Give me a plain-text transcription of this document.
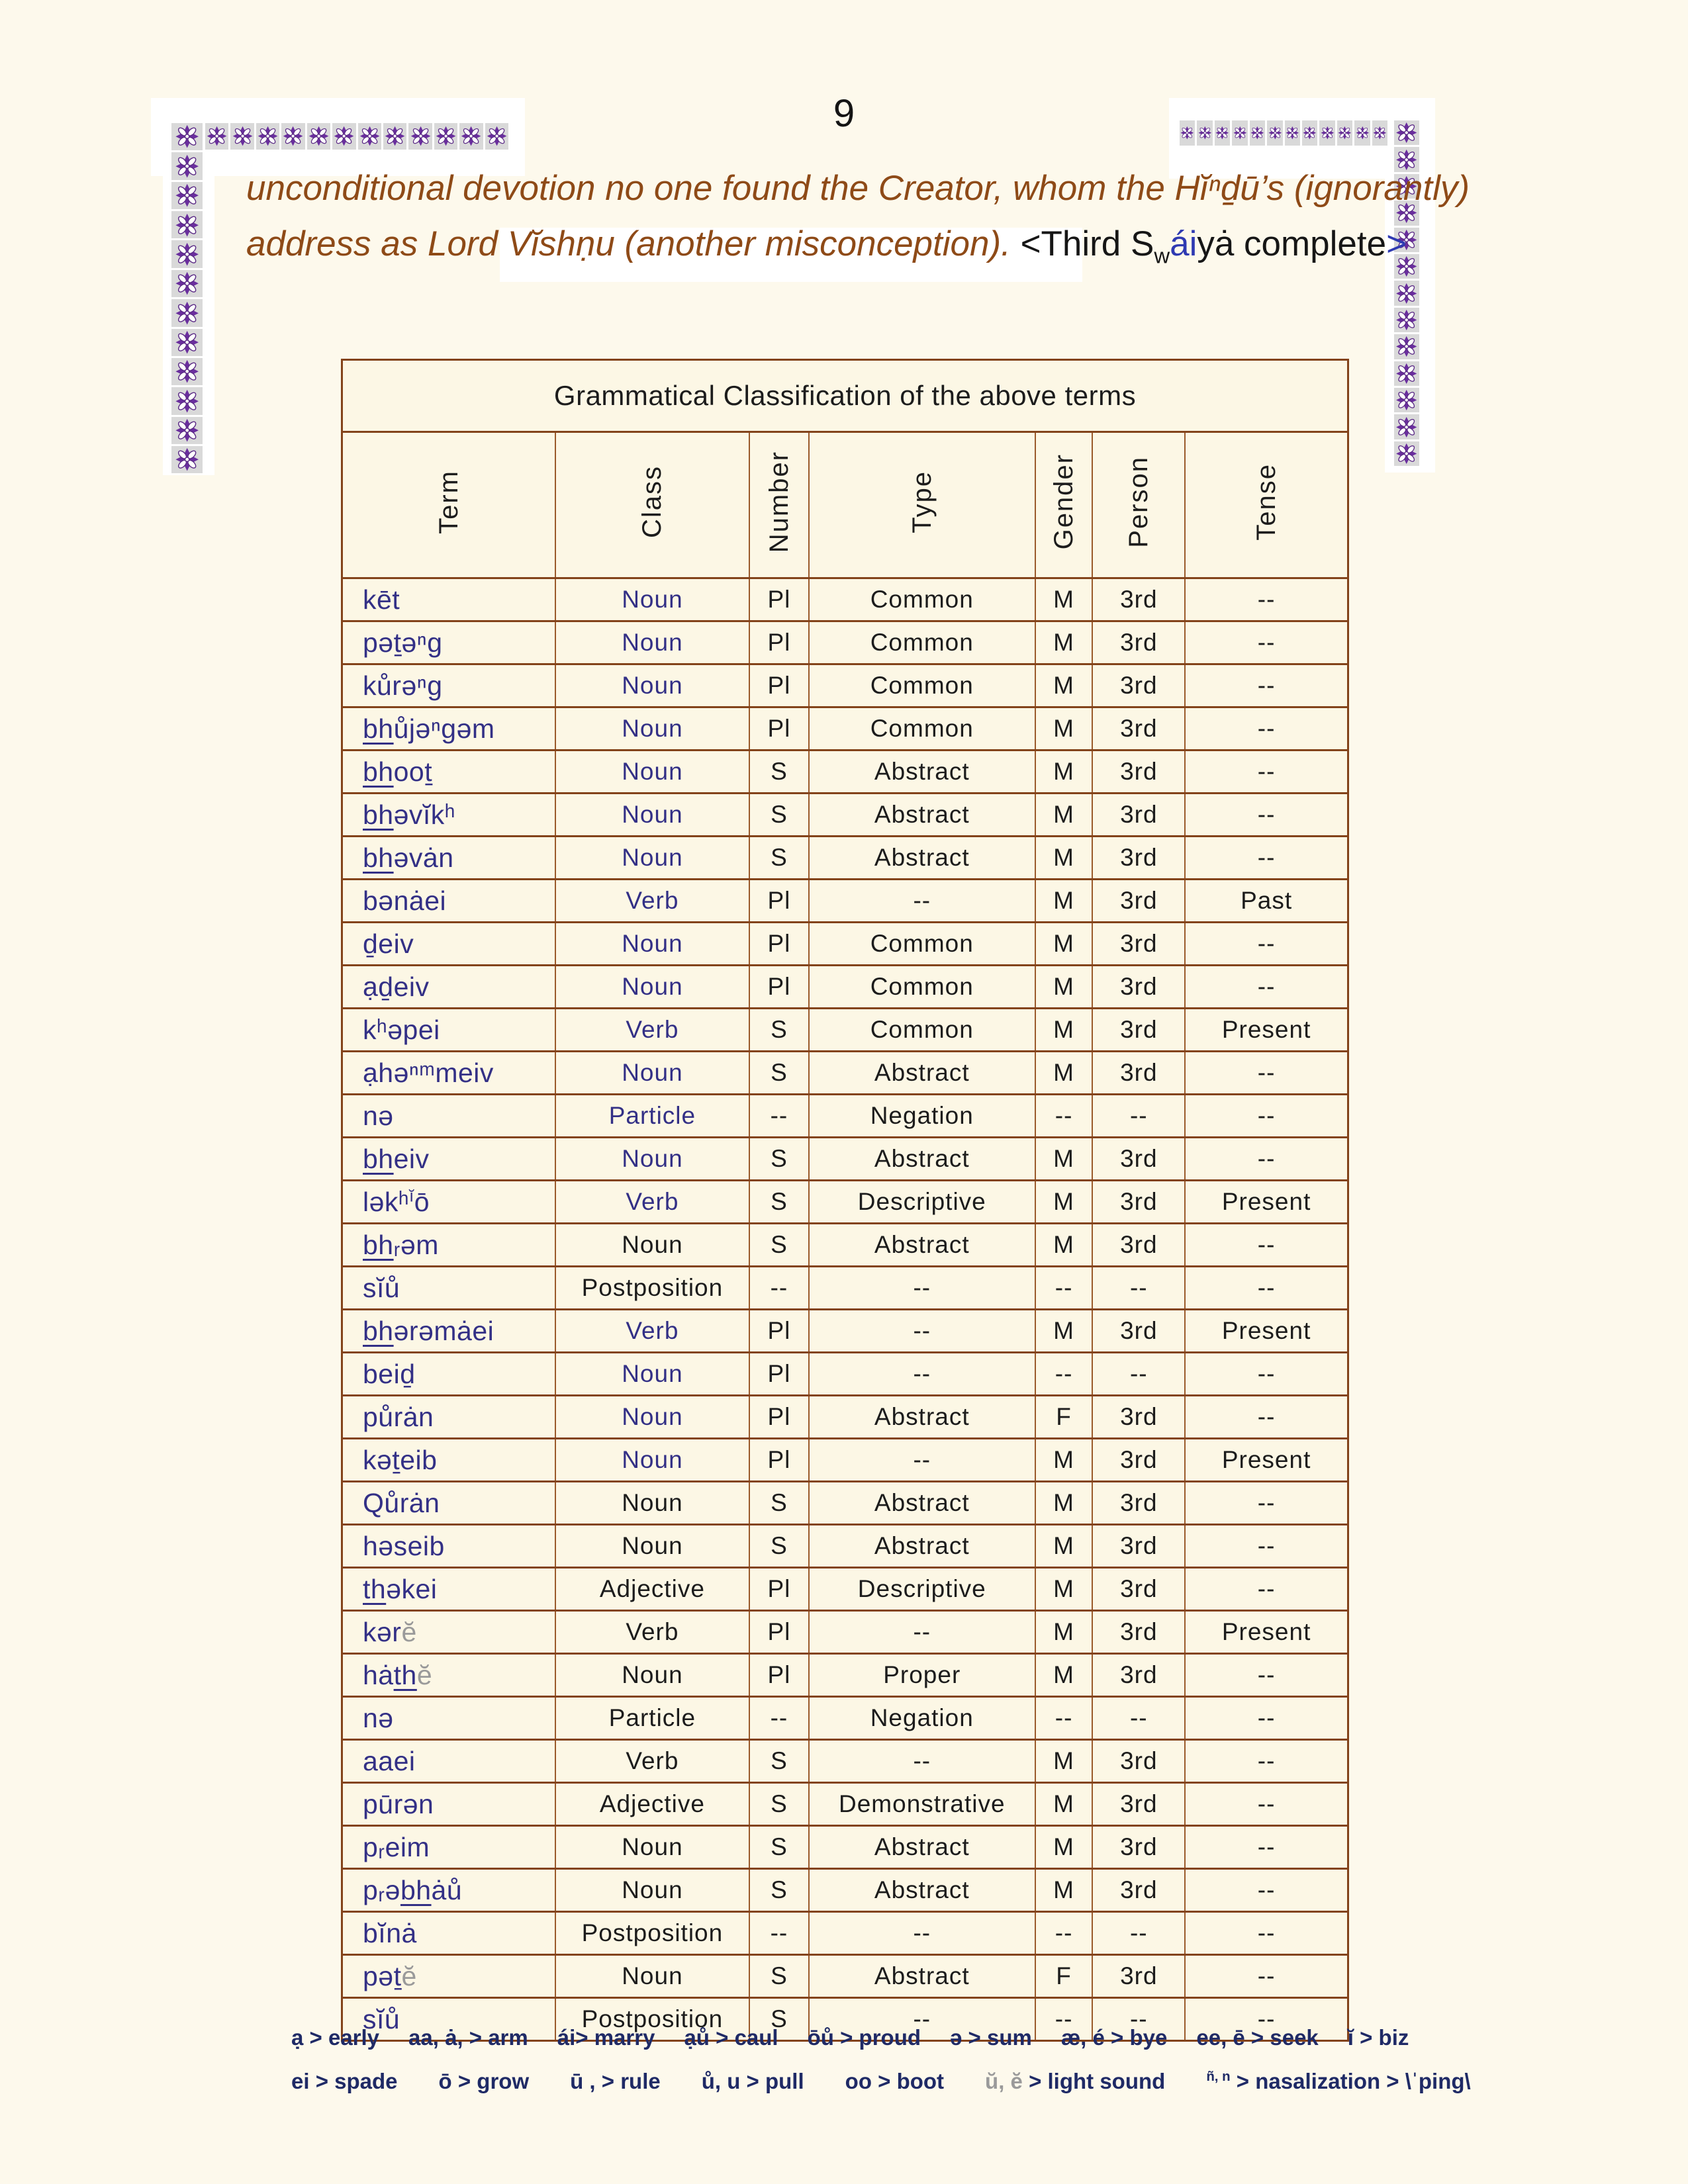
9
unconditional devotion no one found the Creator, whom the Hĭⁿḏū’s (ignorantly)
address as Lord Vĭshṇu (another misconception). <Third $S_wáiyȧ$ complete>
Grammatical Classification of the above terms						
Term	Class	Number	Type	Gender	Person	Tense
kēt	Noun	Pl	Common	M	3rd	--
pəṯəⁿg	Noun	Pl	Common	M	3rd	--
kůrəⁿg	Noun	Pl	Common	M	3rd	--
bhůjəⁿgəm	Noun	Pl	Common	M	3rd	--
bhooṯ	Noun	S	Abstract	M	3rd	--
bhəvĭkʰ	Noun	S	Abstract	M	3rd	--
bhəvȧn	Noun	S	Abstract	M	3rd	--
bənȧei	Verb	Pl	--	M	3rd	Past
ḏeiv	Noun	Pl	Common	M	3rd	--
ạḏeiv	Noun	Pl	Common	M	3rd	--
kʰəpei	Verb	S	Common	M	3rd	Present
ạhəⁿᵐmeiv	Noun	S	Abstract	M	3rd	--
nə	Particle	--	Negation	--	--	--
bheiv	Noun	S	Abstract	M	3rd	--
ləkʰ$^ĭ$ō	Verb	S	Descriptive	M	3rd	Present
bhᵣəm	Noun	S	Abstract	M	3rd	--
sĭů	Postposition	--	--	--	--	--
bhərəmȧei	Verb	Pl	--	M	3rd	Present
beiḏ	Noun	Pl	--	--	--	--
půrȧn	Noun	Pl	Abstract	F	3rd	--
kəṯeib	Noun	Pl	--	M	3rd	Present
Qůrȧn	Noun	S	Abstract	M	3rd	--
həseib	Noun	S	Abstract	M	3rd	--
thəkei	Adjective	Pl	Descriptive	M	3rd	--
kərĕ	Verb	Pl	--	M	3rd	Present
hȧthĕ	Noun	Pl	Proper	M	3rd	--
nə	Particle	--	Negation	--	--	--
aaei	Verb	S	--	M	3rd	--
pūrən	Adjective	S	Demonstrative	M	3rd	--
pᵣeim	Noun	S	Abstract	M	3rd	--
pᵣəbhȧů	Noun	S	Abstract	M	3rd	--
bĭnȧ	Postposition	--	--	--	--	--
pəṯĕ	Noun	S	Abstract	F	3rd	--
sĭů	Postposition	S	--	--	--	--
ạ > early aa, ȧ, > arm ái> marry ạů > caul ōů > proud ə > sum æ, é > bye ee, ē > seek ĭ > biz
ei > spade ō > grow ū , > rule ů, u > pull oo > boot ŭ, ĕ > light sound	$^{ñ, n}$ > nasalization > \ˈping\
